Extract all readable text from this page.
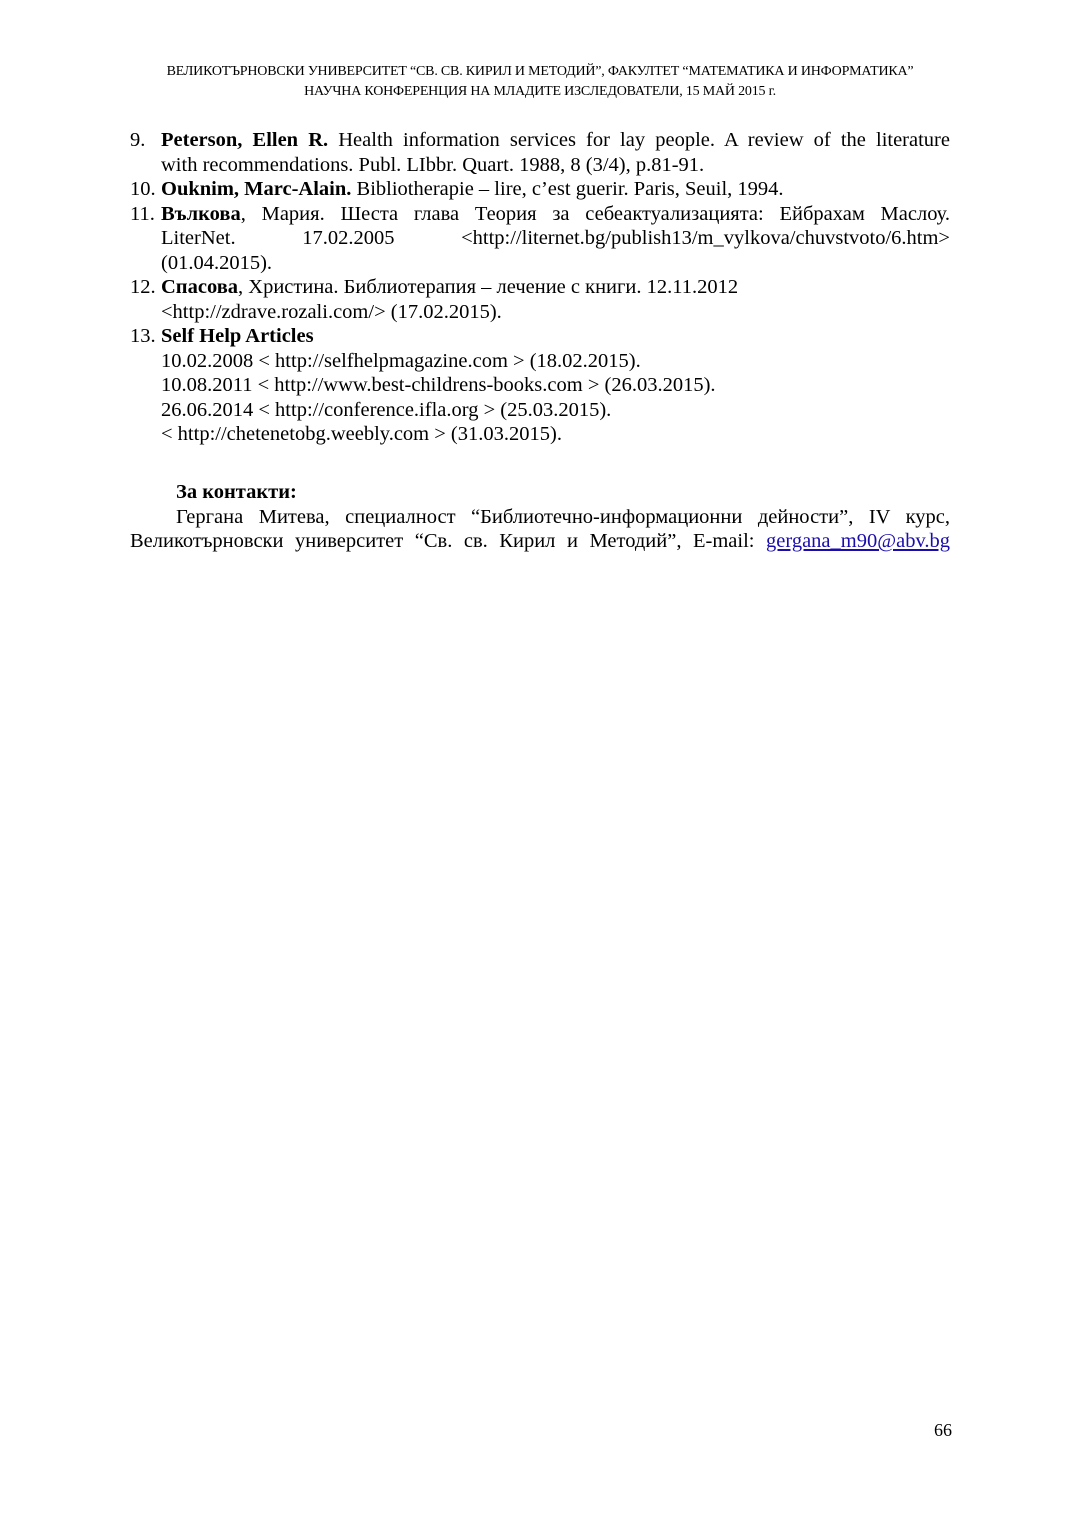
ВЕЛИКОТЪРНОВСКИ УНИВЕРСИТЕТ “СВ. СВ. КИРИЛ И МЕТОДИЙ”, ФАКУЛТЕТ “МАТЕМАТИКА И ИНФОРМАТИКА”
НАУЧНА КОНФЕРЕНЦИЯ НА МЛАДИТЕ ИЗСЛЕДОВАТЕЛИ, 15 МАЙ 2015 г.
9. Peterson, Ellen R. Health information services for lay people. A review of the literature
with recommendations. Publ. LIbbr. Quart. 1988, 8 (3/4), p.81-91.
10. Ouknim, Marc-Alain. Bibliotherapie – lire, c’est guerir. Paris, Seuil, 1994.
11. Вълкова, Мария. Шеста глава Теория за себеактуализацията: Ейбрахам Маслоу.
LiterNet.	17.02.2005	<http://liternet.bg/publish13/m_vylkova/chuvstvoto/6.htm>
(01.04.2015).
12. Спасова, Христина. Библиотерапия – лечение с книги. 12.11.2012
<http://zdrave.rozali.com/> (17.02.2015).
13. Self Help Articles
10.02.2008 < http://selfhelpmagazine.com > (18.02.2015).
10.08.2011 < http://www.best-childrens-books.com > (26.03.2015).
26.06.2014 < http://conference.ifla.org > (25.03.2015).
< http://chetenetobg.weebly.com > (31.03.2015).
За контакти:
Гергана Митева, специалност “Библиотечно-информационни дейности”, IV курс,
Великотърновски университет “Св. св. Кирил и Методий”, E-mail: gergana_m90@abv.bg
66
